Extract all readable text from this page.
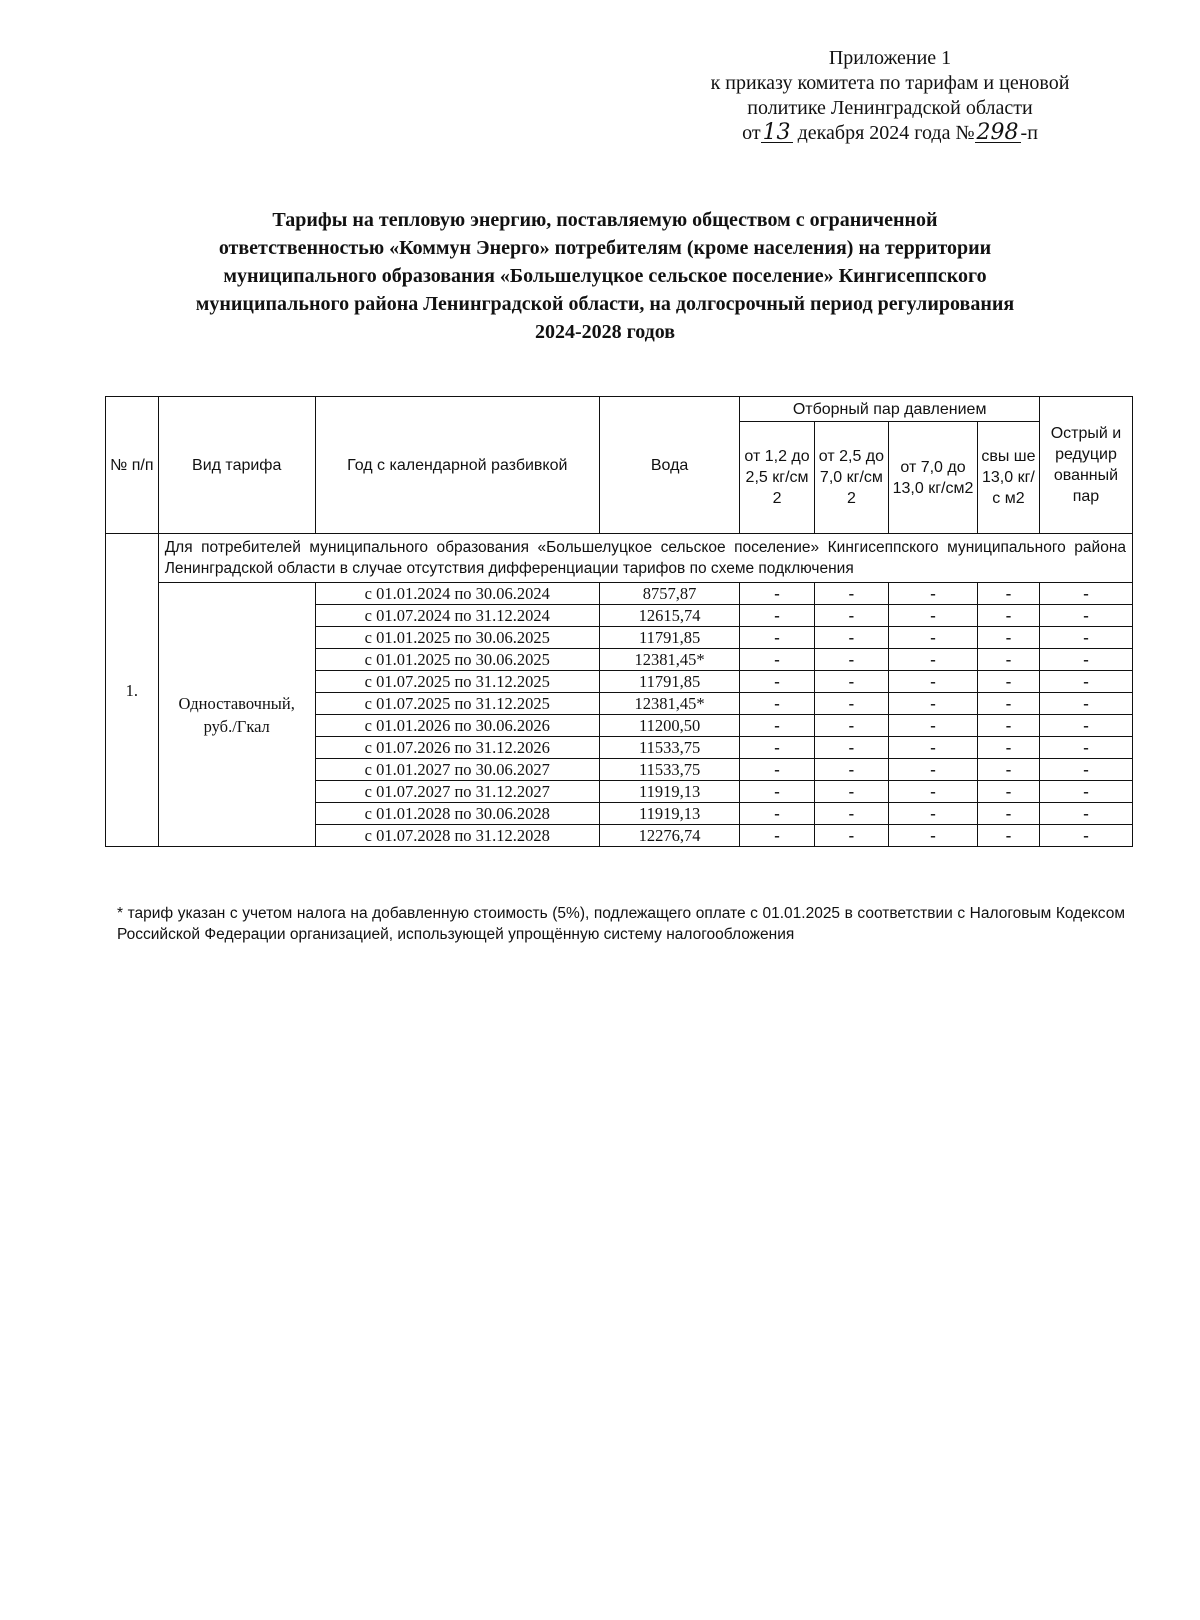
Приложение 1
к приказу комитета по тарифам и ценовой
политике Ленинградской области
от13 декабря 2024 года №298 -п
Тарифы на тепловую энергию, поставляемую обществом с ограниченной
ответственностью «Коммун Энерго» потребителям (кроме населения) на территории
муниципального образования «Большелуцкое сельское поселение» Кингисеппского
муниципального района Ленинградской области, на долгосрочный период регулирования
2024-2028 годов
№ п/п	Вид тарифа	Год с календарной разбивкой	Вода	Отборный пар давлением				Острый и редуцир ованный пар
				от 1,2 до 2,5 кг/см 2	от 2,5 до 7,0 кг/см 2	от 7,0 до 13,0 кг/см2	свы ше 13,0 кг/с м2	
1.	Для потребителей муниципального образования «Большелуцкое сельское поселение» Кингисеппского муниципального района Ленинградской области в случае отсутствия дифференциации тарифов по схеме подключения							
	Одноставочный, руб./Гкал	с 01.01.2024 по 30.06.2024	8757,87	-	-	-	-	-
		с 01.07.2024 по 31.12.2024	12615,74	-	-	-	-	-
		с 01.01.2025 по 30.06.2025	11791,85	-	-	-	-	-
		с 01.01.2025 по 30.06.2025	12381,45*	-	-	-	-	-
		с 01.07.2025 по 31.12.2025	11791,85	-	-	-	-	-
		с 01.07.2025 по 31.12.2025	12381,45*	-	-	-	-	-
		с 01.01.2026 по 30.06.2026	11200,50	-	-	-	-	-
		с 01.07.2026 по 31.12.2026	11533,75	-	-	-	-	-
		с 01.01.2027 по 30.06.2027	11533,75	-	-	-	-	-
		с 01.07.2027 по 31.12.2027	11919,13	-	-	-	-	-
		с 01.01.2028 по 30.06.2028	11919,13	-	-	-	-	-
		с 01.07.2028 по 31.12.2028	12276,74	-	-	-	-	-
* тариф указан с учетом налога на добавленную стоимость (5%), подлежащего оплате с 01.01.2025 в соответствии с Налоговым Кодексом Российской Федерации организацией, использующей упрощённую систему налогообложения
